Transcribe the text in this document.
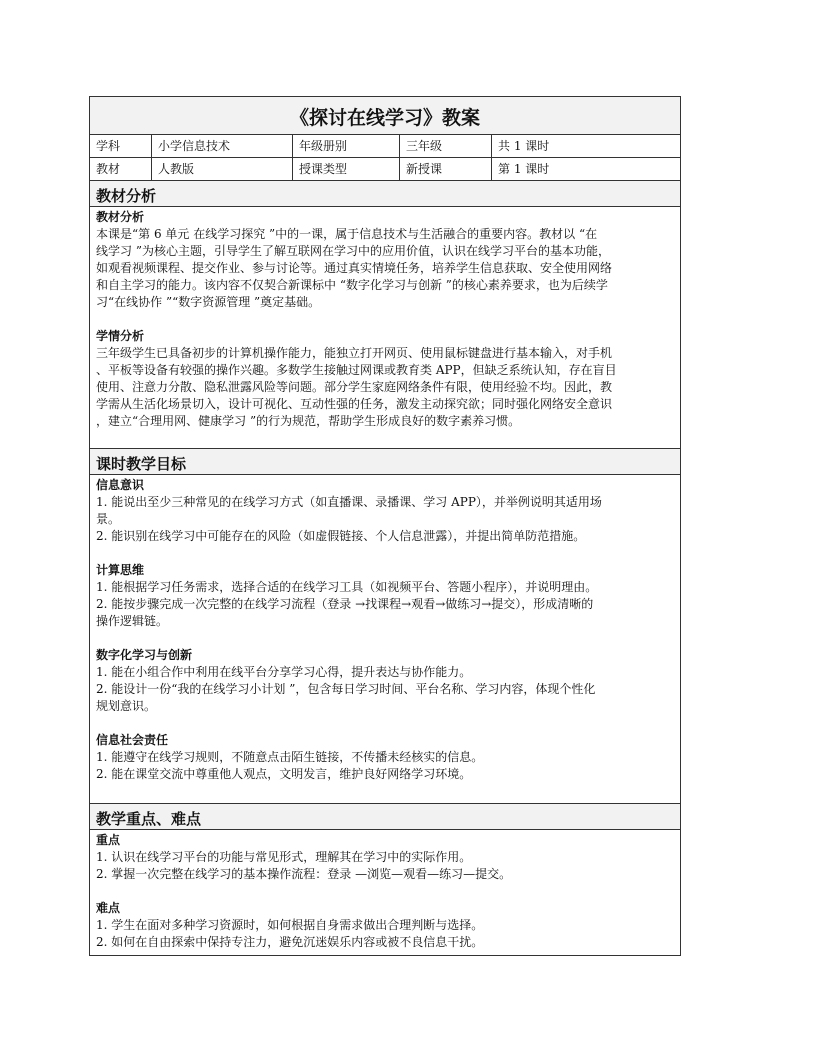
《探讨在线学习》教案
学科	小学信息技术	年级册别	三年级	共 1 课时
教材	人教版	授课类型	新授课	第 1 课时
教材分析
教材分析

本课是“第 6 单元 在线学习探究 ”中的一课，属于信息技术与生活融合的重要内容。教材以 “在

线学习 ”为核心主题，引导学生了解互联网在学习中的应用价值，认识在线学习平台的基本功能，

如观看视频课程、提交作业、参与讨论等。通过真实情境任务，培养学生信息获取、安全使用网络

和自主学习的能力。该内容不仅契合新课标中 “数字化学习与创新 ”的核心素养要求，也为后续学

习“在线协作 ”“数字资源管理 ”奠定基础。

学情分析

三年级学生已具备初步的计算机操作能力，能独立打开网页、使用鼠标键盘进行基本输入，对手机

、平板等设备有较强的操作兴趣。多数学生接触过网课或教育类 APP，但缺乏系统认知，存在盲目

使用、注意力分散、隐私泄露风险等问题。部分学生家庭网络条件有限，使用经验不均。因此，教

学需从生活化场景切入，设计可视化、互动性强的任务，激发主动探究欲；同时强化网络安全意识

，建立“合理用网、健康学习 ”的行为规范，帮助学生形成良好的数字素养习惯。

课时教学目标
信息意识

1. 能说出至少三种常见的在线学习方式（如直播课、录播课、学习 APP），并举例说明其适用场

景。

2. 能识别在线学习中可能存在的风险（如虚假链接、个人信息泄露），并提出简单防范措施。

计算思维

1. 能根据学习任务需求，选择合适的在线学习工具（如视频平台、答题小程序），并说明理由。

2. 能按步骤完成一次完整的在线学习流程（登录 →找课程→观看→做练习→提交），形成清晰的

操作逻辑链。

数字化学习与创新

1. 能在小组合作中利用在线平台分享学习心得，提升表达与协作能力。

2. 能设计一份“我的在线学习小计划 ”，包含每日学习时间、平台名称、学习内容，体现个性化

规划意识。

信息社会责任

1. 能遵守在线学习规则，不随意点击陌生链接，不传播未经核实的信息。

2. 能在课堂交流中尊重他人观点，文明发言，维护良好网络学习环境。

教学重点、难点
重点

1. 认识在线学习平台的功能与常见形式，理解其在学习中的实际作用。

2. 掌握一次完整在线学习的基本操作流程：登录 —浏览—观看—练习—提交。

难点

1. 学生在面对多种学习资源时，如何根据自身需求做出合理判断与选择。

2. 如何在自由探索中保持专注力，避免沉迷娱乐内容或被不良信息干扰。
